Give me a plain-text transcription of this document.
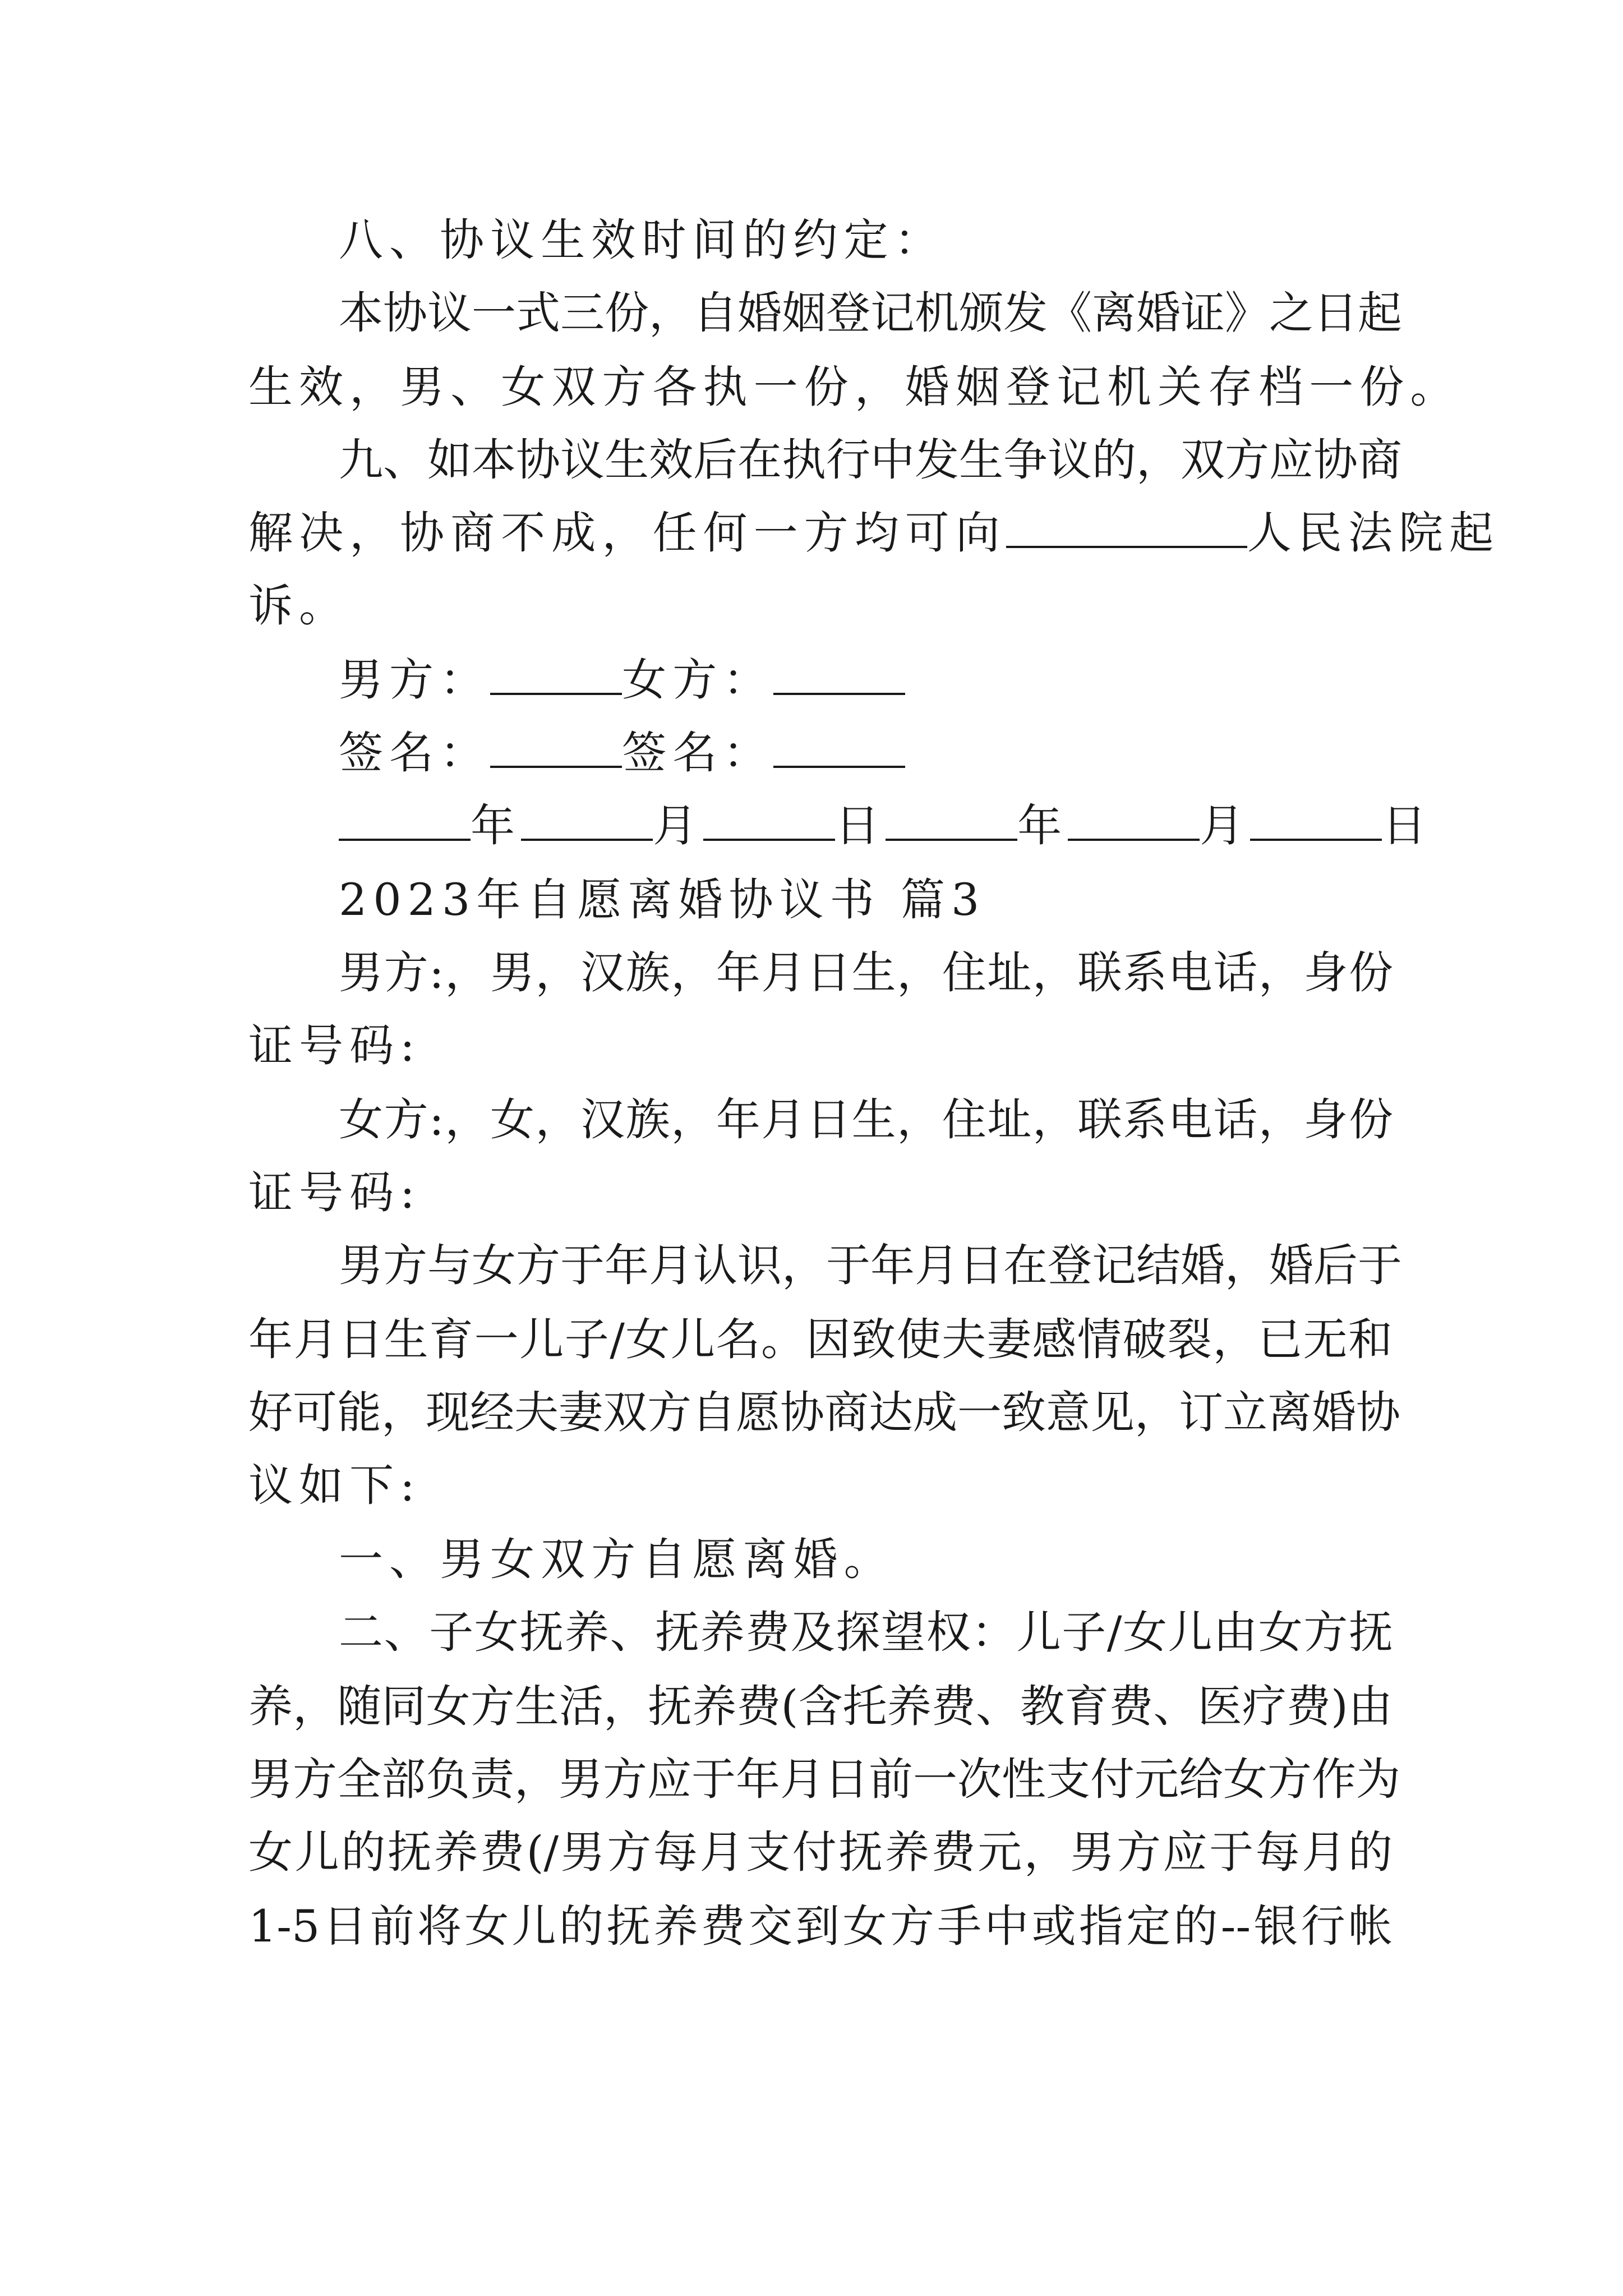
八、协议生效时间的约定：
本协议一式三份，自婚姻登记机颁发《离婚证》之日起
生效，男、女双方各执一份，婚姻登记机关存档一份。
九、如本协议生效后在执行中发生争议的，双方应协商
解决，协商不成，任何一方均可向	人民法院起
诉。
男方：	女方：
签名：	签名：
年	月	日	年	月	日
2023年自愿离婚协议书 篇3
男方:，男，汉族，年月日生，住址，联系电话，身份
证号码:
女方:，女，汉族，年月日生，住址，联系电话，身份
证号码:
男方与女方于年月认识，于年月日在登记结婚，婚后于
年月日生育一儿子/女儿名。因致使夫妻感情破裂，已无和
好可能，现经夫妻双方自愿协商达成一致意见，订立离婚协
议如下:
一、男女双方自愿离婚。
二、子女抚养、抚养费及探望权：儿子/女儿由女方抚
养，随同女方生活，抚养费(含托养费、教育费、医疗费)由
男方全部负责，男方应于年月日前一次性支付元给女方作为
女儿的抚养费(/男方每月支付抚养费元，男方应于每月的
1-5日前将女儿的抚养费交到女方手中或指定的--银行帐
